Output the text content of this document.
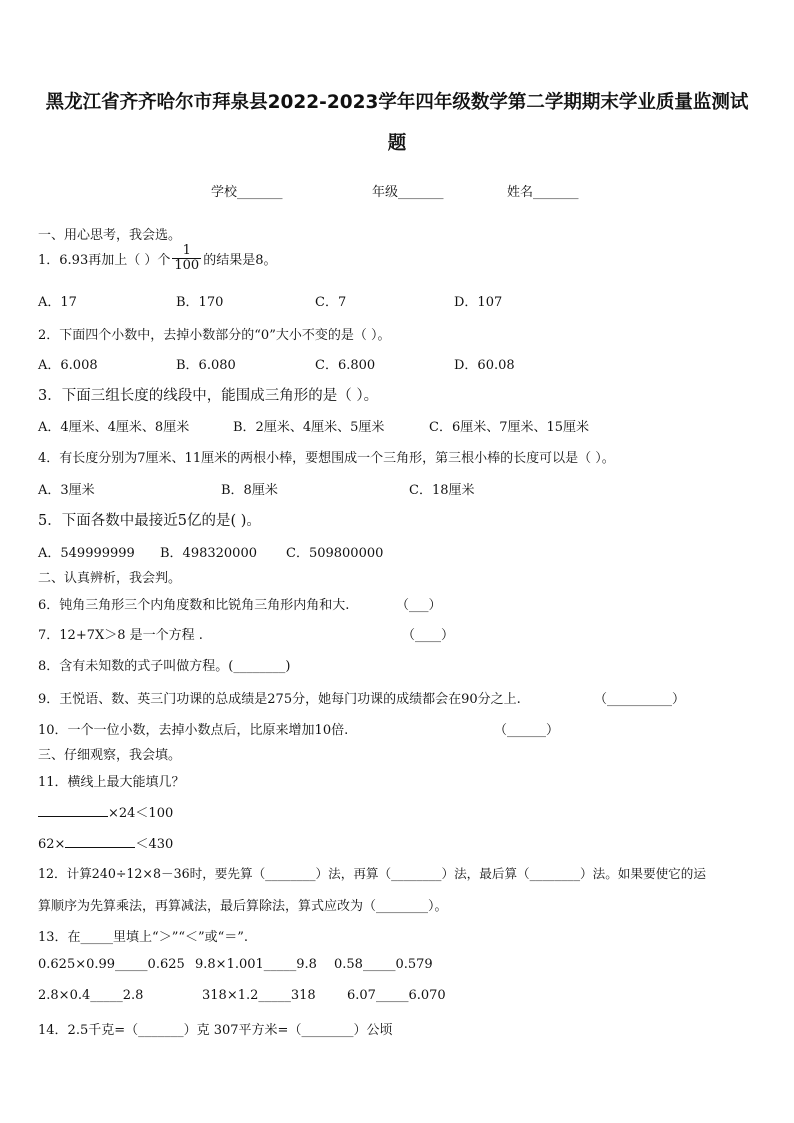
黑龙江省齐齐哈尔市拜泉县2022-2023学年四年级数学第二学期期末学业质量监测试
题
学校_______	年级_______	姓名_______
一、用心思考，我会选。
1．6.93再加上（ ）个 $\frac{1}{100}$ 的结果是8。
A．17	B．170	C．7	D．107
2．下面四个小数中，去掉小数部分的“0”大小不变的是（ ）。
A．6.008	B．6.080	C．6.800	D．60.08
3．下面三组长度的线段中，能围成三角形的是（ ）。
A．4厘米、4厘米、8厘米	B．2厘米、4厘米、5厘米	C．6厘米、7厘米、15厘米
4．有长度分别为7厘米、11厘米的两根小棒，要想围成一个三角形，第三根小棒的长度可以是（ ）。
A．3厘米	B．8厘米	C．18厘米
5．下面各数中最接近5亿的是( )。
A．549999999 B．498320000 C．509800000
二、认真辨析，我会判。
6．钝角三角形三个内角度数和比锐角三角形内角和大.	（___）
7．12+7X＞8 是一个方程 .	（____）
8．含有未知数的式子叫做方程。(________)
9．王悦语、数、英三门功课的总成绩是275分，她每门功课的成绩都会在90分之上.	（__________）
10．一个一位小数，去掉小数点后，比原来增加10倍.	（______）
三、仔细观察，我会填。
11．横线上最大能填几？
×24＜100
62×	＜430
12．计算240÷12×8－36时，要先算（________）法，再算（________）法，最后算（________）法。如果要使它的运
算顺序为先算乘法，再算减法，最后算除法，算式应改为（________）。
13．在_____里填上“＞”“＜”或“＝”.
0.625×0.99_____0.625 9.8×1.001_____9.8 0.58_____0.579
2.8×0.4_____2.8	318×1.2_____318 6.07_____6.070
14．2.5千克=（_______）克 307平方米=（________）公顷
